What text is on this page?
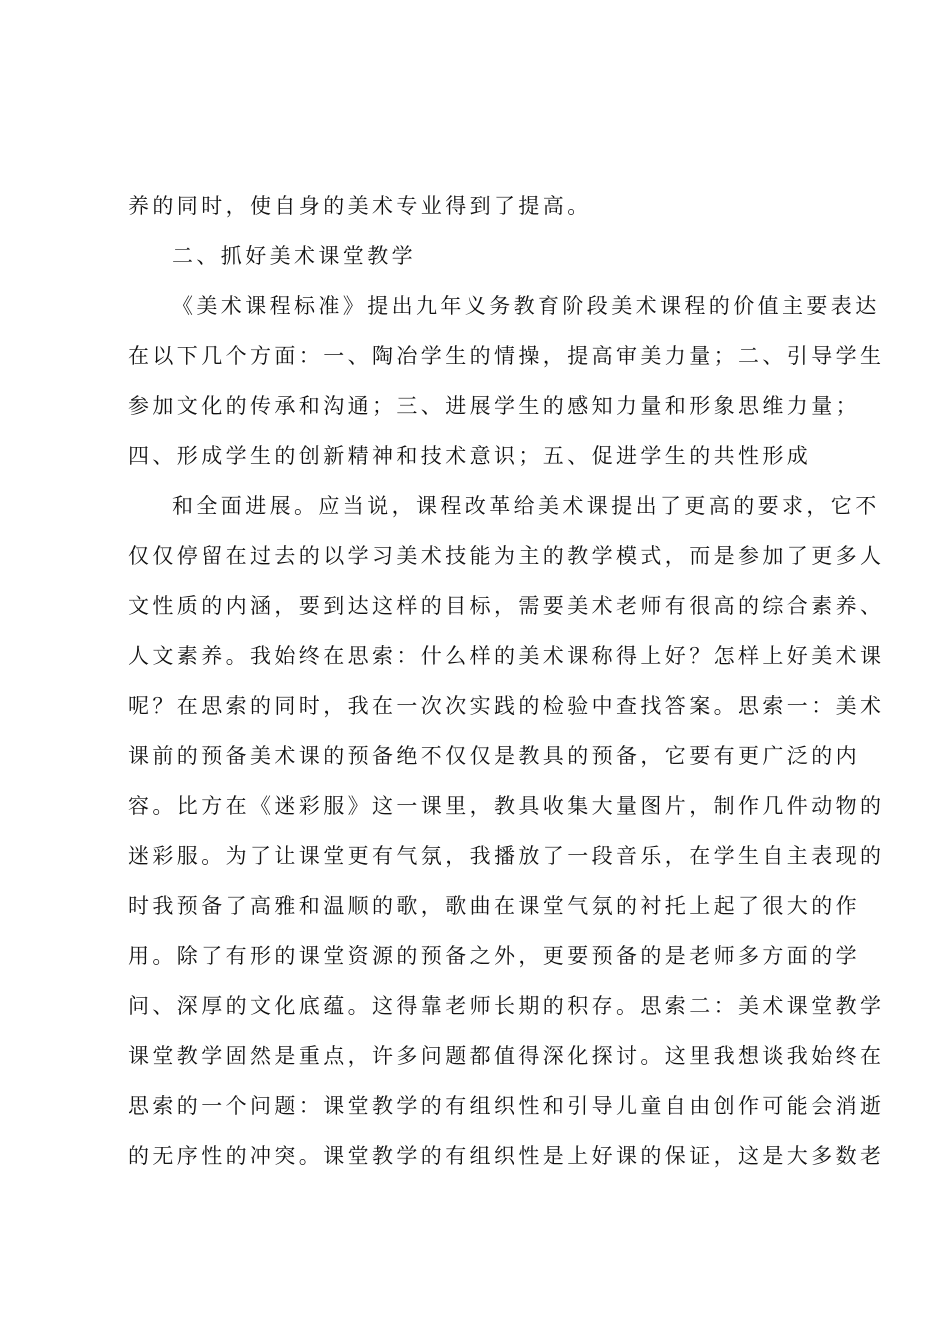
养的同时，使自身的美术专业得到了提高。
二、抓好美术课堂教学
《美术课程标准》提出九年义务教育阶段美术课程的价值主要表达
在以下几个方面：一、陶冶学生的情操，提高审美力量；二、引导学生
参加文化的传承和沟通；三、进展学生的感知力量和形象思维力量；
四、形成学生的创新精神和技术意识；五、促进学生的共性形成
和全面进展。应当说，课程改革给美术课提出了更高的要求，它不
仅仅停留在过去的以学习美术技能为主的教学模式，而是参加了更多人
文性质的内涵，要到达这样的目标，需要美术老师有很高的综合素养、
人文素养。我始终在思索：什么样的美术课称得上好？怎样上好美术课
呢？在思索的同时，我在一次次实践的检验中查找答案。思索一：美术
课前的预备美术课的预备绝不仅仅是教具的预备，它要有更广泛的内
容。比方在《迷彩服》这一课里，教具收集大量图片，制作几件动物的
迷彩服。为了让课堂更有气氛，我播放了一段音乐，在学生自主表现的
时我预备了高雅和温顺的歌，歌曲在课堂气氛的衬托上起了很大的作
用。除了有形的课堂资源的预备之外，更要预备的是老师多方面的学
问、深厚的文化底蕴。这得靠老师长期的积存。思索二：美术课堂教学
课堂教学固然是重点，许多问题都值得深化探讨。这里我想谈我始终在
思索的一个问题：课堂教学的有组织性和引导儿童自由创作可能会消逝
的无序性的冲突。课堂教学的有组织性是上好课的保证，这是大多数老
